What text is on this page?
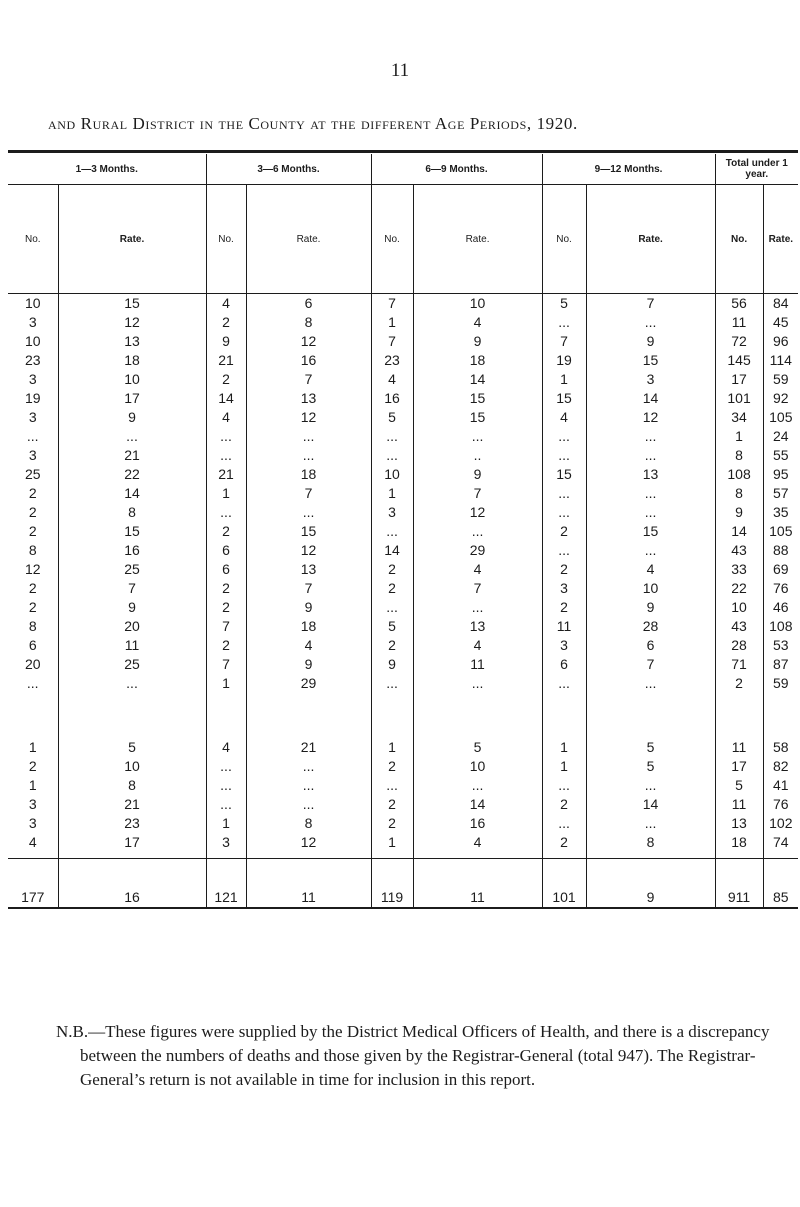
11
and Rural District in the County at the different Age Periods, 1920.
1—3 Months.		3—6 Months.		6—9 Months.		9—12 Months.		Total under 1 year.	
No.	Rate.	No.	Rate.	No.	Rate.	No.	Rate.	No.	Rate.
10	15	4	6	7	10	5	7	56	84
3	12	2	8	1	4	...	...	11	45
10	13	9	12	7	9	7	9	72	96
23	18	21	16	23	18	19	15	145	114
3	10	2	7	4	14	1	3	17	59
19	17	14	13	16	15	15	14	101	92
3	9	4	12	5	15	4	12	34	105
...	...	...	...	...	...	...	...	1	24
3	21	...	...	...	..	...	...	8	55
25	22	21	18	10	9	15	13	108	95
2	14	1	7	1	7	...	...	8	57
2	8	...	...	3	12	...	...	9	35
2	15	2	15	...	...	2	15	14	105
8	16	6	12	14	29	...	...	43	88
12	25	6	13	2	4	2	4	33	69
2	7	2	7	2	7	3	10	22	76
2	9	2	9	...	...	2	9	10	46
8	20	7	18	5	13	11	28	43	108
6	11	2	4	2	4	3	6	28	53
20	25	7	9	9	11	6	7	71	87
...	...	1	29	...	...	...	...	2	59

1	5	4	21	1	5	1	5	11	58
2	10	...	...	2	10	1	5	17	82
1	8	...	...	...	...	...	...	5	41
3	21	...	...	2	14	2	14	11	76
3	23	1	8	2	16	...	...	13	102
4	17	3	12	1	4	2	8	18	74

177	16	121	11	119	11	101	9	911	85

N.B.—These figures were supplied by the District Medical Officers of Health, and there is a discrepancy between the numbers of deaths and those given by the Registrar-General (total 947). The Registrar-General’s return is not available in time for inclusion in this report.
